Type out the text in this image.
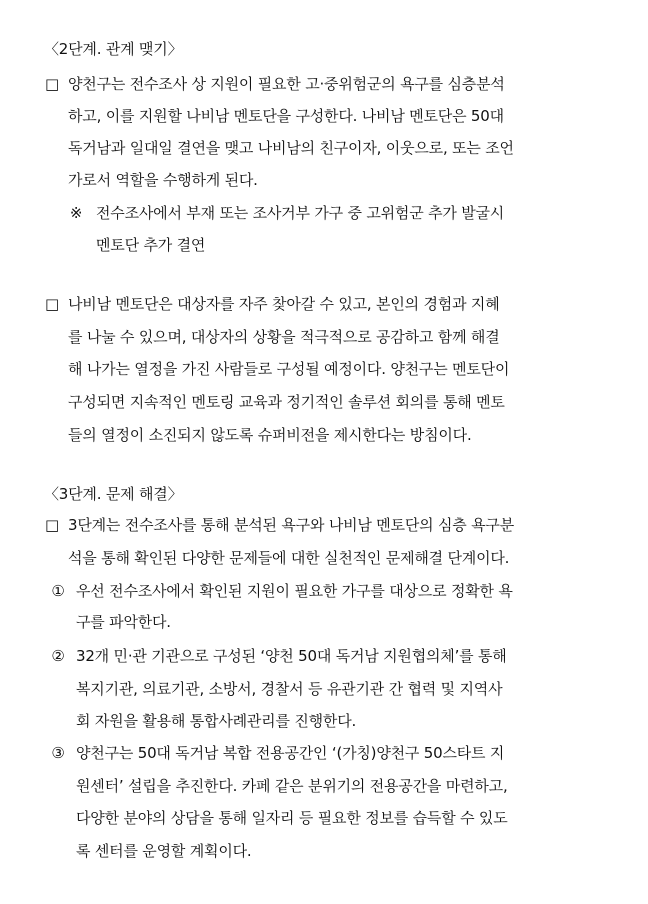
〈2단계. 관계 맺기〉
□ 양천구는 전수조사 상 지원이 필요한 고·중위험군의 욕구를 심층분석
하고, 이를 지원할 나비남 멘토단을 구성한다. 나비남 멘토단은 50대
독거남과 일대일 결연을 맺고 나비남의 친구이자, 이웃으로, 또는 조언
가로서 역할을 수행하게 된다.
※ 전수조사에서 부재 또는 조사거부 가구 중 고위험군 추가 발굴시
멘토단 추가 결연
□ 나비남 멘토단은 대상자를 자주 찾아갈 수 있고, 본인의 경험과 지혜
를 나눌 수 있으며, 대상자의 상황을 적극적으로 공감하고 함께 해결
해 나가는 열정을 가진 사람들로 구성될 예정이다. 양천구는 멘토단이
구성되면 지속적인 멘토링 교육과 정기적인 솔루션 회의를 통해 멘토
들의 열정이 소진되지 않도록 슈퍼비전을 제시한다는 방침이다.
〈3단계. 문제 해결〉
□ 3단계는 전수조사를 통해 분석된 욕구와 나비남 멘토단의 심층 욕구분
석을 통해 확인된 다양한 문제들에 대한 실천적인 문제해결 단계이다.
① 우선 전수조사에서 확인된 지원이 필요한 가구를 대상으로 정확한 욕
구를 파악한다.
② 32개 민·관 기관으로 구성된 ‘양천 50대 독거남 지원협의체’를 통해
복지기관, 의료기관, 소방서, 경찰서 등 유관기관 간 협력 및 지역사
회 자원을 활용해 통합사례관리를 진행한다.
③ 양천구는 50대 독거남 복합 전용공간인 ‘(가칭)양천구 50스타트 지
원센터’ 설립을 추진한다. 카페 같은 분위기의 전용공간을 마련하고,
다양한 분야의 상담을 통해 일자리 등 필요한 정보를 습득할 수 있도
록 센터를 운영할 계획이다.
